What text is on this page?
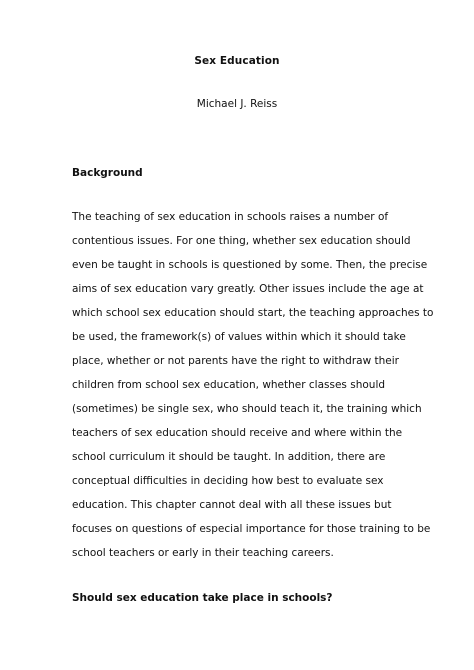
Sex Education
Michael J. Reiss
Background
The teaching of sex education in schools raises a number of
contentious issues. For one thing, whether sex education should
even be taught in schools is questioned by some. Then, the precise
aims of sex education vary greatly. Other issues include the age at
which school sex education should start, the teaching approaches to
be used, the framework(s) of values within which it should take
place, whether or not parents have the right to withdraw their
children from school sex education, whether classes should
(sometimes) be single sex, who should teach it, the training which
teachers of sex education should receive and where within the
school curriculum it should be taught. In addition, there are
conceptual difficulties in deciding how best to evaluate sex
education. This chapter cannot deal with all these issues but
focuses on questions of especial importance for those training to be
school teachers or early in their teaching careers.
Should sex education take place in schools?
